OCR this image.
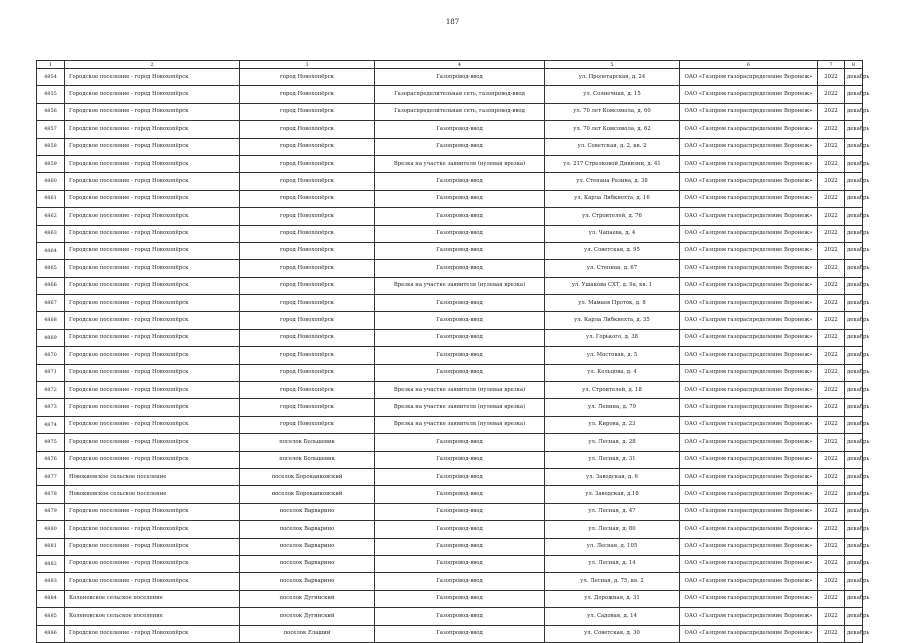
187
1	2	3	4	5	6	7	8
4854	Городское поселение - город Новохопёрск	город Новохопёрск	Газопровод-ввод	ул. Пролетарская, д. 24	ОАО «Газпром газораспределение Воронеж»	2022	декабрь
4855	Городское поселение - город Новохопёрск	город Новохопёрск	Газораспределительная сеть, газопровод-ввод	ул. Солнечная, д. 15	ОАО «Газпром газораспределение Воронеж»	2022	декабрь
4856	Городское поселение - город Новохопёрск	город Новохопёрск	Газораспределительная сеть, газопровод-ввод	ул. 70 лет Комсомола, д. 60	ОАО «Газпром газораспределение Воронеж»	2022	декабрь
4857	Городское поселение - город Новохопёрск	город Новохопёрск	Газопровод-ввод	ул. 70 лет Комсомола, д. 62	ОАО «Газпром газораспределение Воронеж»	2022	декабрь
4858	Городское поселение - город Новохопёрск	город Новохопёрск	Газопровод-ввод	ул. Советская, д. 2, кв. 2	ОАО «Газпром газораспределение Воронеж»	2022	декабрь
4859	Городское поселение - город Новохопёрск	город Новохопёрск	Врезка на участке заявителя (нулевая врезка)	ул. 217 Стрелковой Дивизии, д. 41	ОАО «Газпром газораспределение Воронеж»	2022	декабрь
4860	Городское поселение - город Новохопёрск	город Новохопёрск	Газопровод-ввод	ул. Степана Разина, д. 38	ОАО «Газпром газораспределение Воронеж»	2022	декабрь
4861	Городское поселение - город Новохопёрск	город Новохопёрск	Газопровод-ввод	ул. Карла Либкнехта, д. 16	ОАО «Газпром газораспределение Воронеж»	2022	декабрь
4862	Городское поселение - город Новохопёрск	город Новохопёрск	Газопровод-ввод	ул. Строителей, д. 76	ОАО «Газпром газораспределение Воронеж»	2022	декабрь
4863	Городское поселение - город Новохопёрск	город Новохопёрск	Газопровод-ввод	ул. Чапаева, д. 4	ОАО «Газпром газораспределение Воронеж»	2022	декабрь
4864	Городское поселение - город Новохопёрск	город Новохопёрск	Газопровод-ввод	ул. Советская, д. 95	ОАО «Газпром газораспределение Воронеж»	2022	декабрь
4865	Городское поселение - город Новохопёрск	город Новохопёрск	Газопровод-ввод	ул. Степная, д. 67	ОАО «Газпром газораспределение Воронеж»	2022	декабрь
4866	Городское поселение - город Новохопёрск	город Новохопёрск	Врезка на участке заявителя (нулевая врезка)	ул. Ушакова СХТ, д. 9а, кв. 1	ОАО «Газпром газораспределение Воронеж»	2022	декабрь
4867	Городское поселение - город Новохопёрск	город Новохопёрск	Газопровод-ввод	ул. Мамаев Проток, д. 8	ОАО «Газпром газораспределение Воронеж»	2022	декабрь
4868	Городское поселение - город Новохопёрск	город Новохопёрск	Газопровод-ввод	ул. Карла Либкнехта, д. 35	ОАО «Газпром газораспределение Воронеж»	2022	декабрь
4869	Городское поселение - город Новохопёрск	город Новохопёрск	Газопровод-ввод	ул. Горького, д. 38	ОАО «Газпром газораспределение Воронеж»	2022	декабрь
4870	Городское поселение - город Новохопёрск	город Новохопёрск	Газопровод-ввод	ул. Мостовая, д. 5	ОАО «Газпром газораспределение Воронеж»	2022	декабрь
4871	Городское поселение - город Новохопёрск	город Новохопёрск	Газопровод-ввод	ул. Кольцова, д. 4	ОАО «Газпром газораспределение Воронеж»	2022	декабрь
4872	Городское поселение - город Новохопёрск	город Новохопёрск	Врезка на участке заявителя (нулевая врезка)	ул. Строителей, д. 18	ОАО «Газпром газораспределение Воронеж»	2022	декабрь
4873	Городское поселение - город Новохопёрск	город Новохопёрск	Врезка на участке заявителя (нулевая врезка)	ул. Ленина, д. 79	ОАО «Газпром газораспределение Воронеж»	2022	декабрь
4874	Городское поселение - город Новохопёрск	город Новохопёрск	Врезка на участке заявителя (нулевая врезка)	ул. Кирова, д. 23	ОАО «Газпром газораспределение Воронеж»	2022	декабрь
4875	Городское поселение - город Новохопёрск	поселок Большевик	Газопровод-ввод	ул. Лесная, д. 28	ОАО «Газпром газораспределение Воронеж»	2022	декабрь
4876	Городское поселение - город Новохопёрск	поселок Большевик	Газопровод-ввод	ул. Лесная, д. 31	ОАО «Газпром газораспределение Воронеж»	2022	декабрь
4877	Новокиевское сельское поселение	поселок Бороканковский	Газопровод-ввод	ул. Заводская, д. 6	ОАО «Газпром газораспределение Воронеж»	2022	декабрь
4878	Новокиевское сельское поселение	поселок Бороканковский	Газопровод-ввод	ул. Заводская, д.18	ОАО «Газпром газораспределение Воронеж»	2022	декабрь
4879	Городское поселение - город Новохопёрск	поселок Варварино	Газопровод-ввод	ул. Лесная, д. 47	ОАО «Газпром газораспределение Воронеж»	2022	декабрь
4880	Городское поселение - город Новохопёрск	поселок Варварино	Газопровод-ввод	ул. Лесная, д. 80	ОАО «Газпром газораспределение Воронеж»	2022	декабрь
4881	Городское поселение - город Новохопёрск	поселок Варварино	Газопровод-ввод	ул. Лесная, д. 105	ОАО «Газпром газораспределение Воронеж»	2022	декабрь
4882	Городское поселение - город Новохопёрск	поселок Варварино	Газопровод-ввод	ул. Лесная, д. 14	ОАО «Газпром газораспределение Воронеж»	2022	декабрь
4883	Городское поселение - город Новохопёрск	поселок Варварино	Газопровод-ввод	ул. Лесная, д. 75, кв. 2	ОАО «Газпром газораспределение Воронеж»	2022	декабрь
4884	Коленовское сельское поселение	поселок Дугинский	Газопровод-ввод	ул. Дорожная, д. 31	ОАО «Газпром газораспределение Воронеж»	2022	декабрь
4885	Коленовское сельское поселение	поселок Дугинский	Газопровод-ввод	ул. Садовая, д. 14	ОАО «Газпром газораспределение Воронеж»	2022	декабрь
4886	Городское поселение - город Новохопёрск	поселок Елаший	Газопровод-ввод	ул. Советская, д. 30	ОАО «Газпром газораспределение Воронеж»	2022	декабрь
